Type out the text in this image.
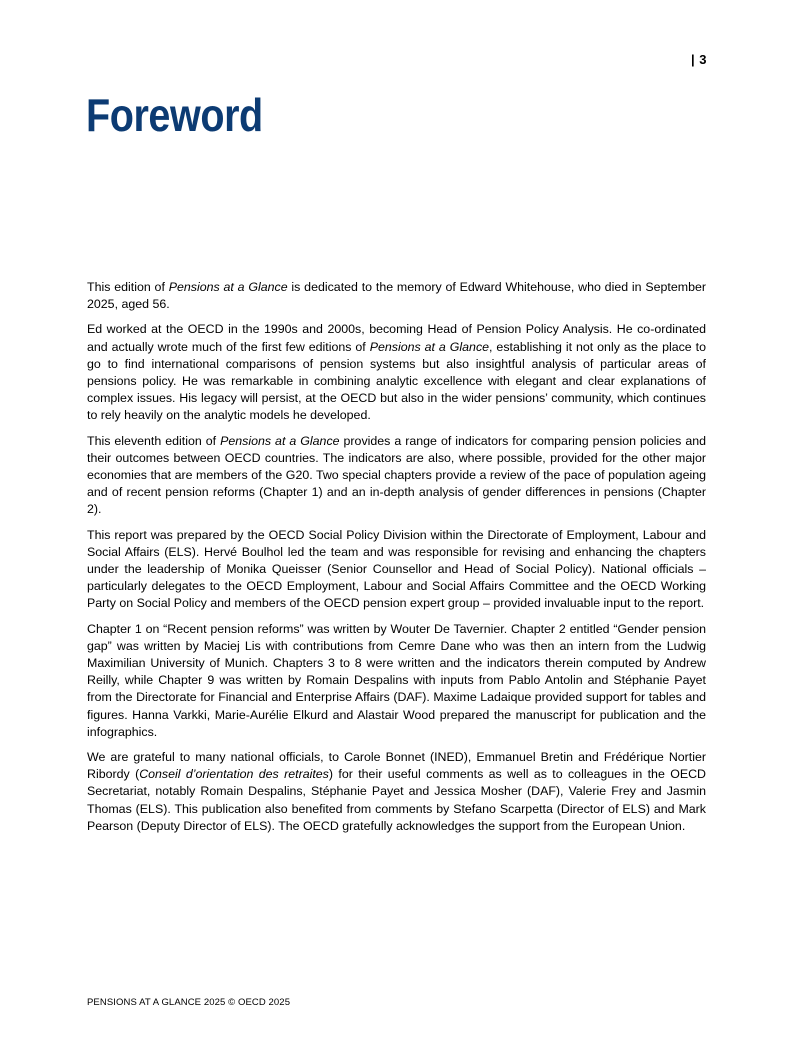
| 3
Foreword

This edition of Pensions at a Glance is dedicated to the memory of Edward Whitehouse, who died in September 2025, aged 56.

Ed worked at the OECD in the 1990s and 2000s, becoming Head of Pension Policy Analysis. He co-ordinated and actually wrote much of the first few editions of Pensions at a Glance, establishing it not only as the place to go to find international comparisons of pension systems but also insightful analysis of particular areas of pensions policy. He was remarkable in combining analytic excellence with elegant and clear explanations of complex issues. His legacy will persist, at the OECD but also in the wider pensions’ community, which continues to rely heavily on the analytic models he developed.

This eleventh edition of Pensions at a Glance provides a range of indicators for comparing pension policies and their outcomes between OECD countries. The indicators are also, where possible, provided for the other major economies that are members of the G20. Two special chapters provide a review of the pace of population ageing and of recent pension reforms (Chapter 1) and an in-depth analysis of gender differences in pensions (Chapter 2).

This report was prepared by the OECD Social Policy Division within the Directorate of Employment, Labour and Social Affairs (ELS). Hervé Boulhol led the team and was responsible for revising and enhancing the chapters under the leadership of Monika Queisser (Senior Counsellor and Head of Social Policy). National officials – particularly delegates to the OECD Employment, Labour and Social Affairs Committee and the OECD Working Party on Social Policy and members of the OECD pension expert group – provided invaluable input to the report.

Chapter 1 on “Recent pension reforms” was written by Wouter De Tavernier. Chapter 2 entitled “Gender pension gap” was written by Maciej Lis with contributions from Cemre Dane who was then an intern from the Ludwig Maximilian University of Munich. Chapters 3 to 8 were written and the indicators therein computed by Andrew Reilly, while Chapter 9 was written by Romain Despalins with inputs from Pablo Antolin and Stéphanie Payet from the Directorate for Financial and Enterprise Affairs (DAF). Maxime Ladaique provided support for tables and figures. Hanna Varkki, Marie-Aurélie Elkurd and Alastair Wood prepared the manuscript for publication and the infographics.

We are grateful to many national officials, to Carole Bonnet (INED), Emmanuel Bretin and Frédérique Nortier Ribordy (Conseil d’orientation des retraites) for their useful comments as well as to colleagues in the OECD Secretariat, notably Romain Despalins, Stéphanie Payet and Jessica Mosher (DAF), Valerie Frey and Jasmin Thomas (ELS). This publication also benefited from comments by Stefano Scarpetta (Director of ELS) and Mark Pearson (Deputy Director of ELS). The OECD gratefully acknowledges the support from the European Union.

PENSIONS AT A GLANCE 2025 © OECD 2025
